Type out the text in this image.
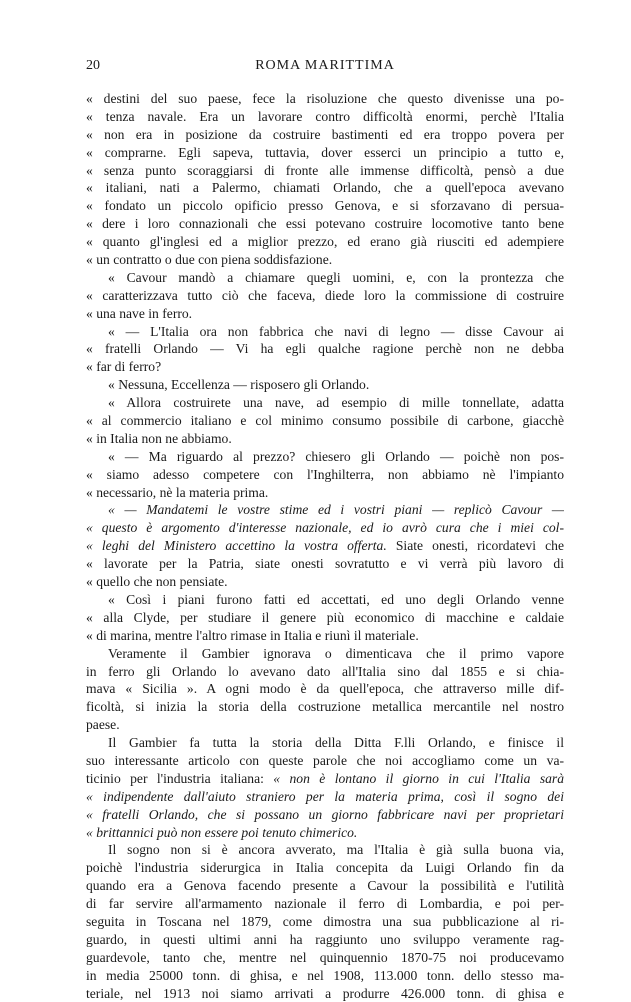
20	ROMA MARITTIMA
« destini del suo paese, fece la risoluzione che questo divenisse una po-
« tenza navale. Era un lavorare contro difficoltà enormi, perchè l'Italia
« non era in posizione da costruire bastimenti ed era troppo povera per
« comprarne. Egli sapeva, tuttavia, dover esserci un principio a tutto e,
« senza punto scoraggiarsi di fronte alle immense difficoltà, pensò a due
« italiani, nati a Palermo, chiamati Orlando, che a quell'epoca avevano
« fondato un piccolo opificio presso Genova, e si sforzavano di persua-
« dere i loro connazionali che essi potevano costruire locomotive tanto bene
« quanto gl'inglesi ed a miglior prezzo, ed erano già riusciti ed adempiere
« un contratto o due con piena soddisfazione.
« Cavour mandò a chiamare quegli uomini, e, con la prontezza che
« caratterizzava tutto ciò che faceva, diede loro la commissione di costruire
« una nave in ferro.
« — L'Italia ora non fabbrica che navi di legno — disse Cavour ai
« fratelli Orlando — Vi ha egli qualche ragione perchè non ne debba
« far di ferro?
« Nessuna, Eccellenza — risposero gli Orlando.
« Allora costruirete una nave, ad esempio di mille tonnellate, adatta
« al commercio italiano e col minimo consumo possibile di carbone, giacchè
« in Italia non ne abbiamo.
« — Ma riguardo al prezzo? chiesero gli Orlando — poichè non pos-
« siamo adesso competere con l'Inghilterra, non abbiamo nè l'impianto
« necessario, nè la materia prima.
« — Mandatemi le vostre stime ed i vostri piani — replicò Cavour —
« questo è argomento d'interesse nazionale, ed io avrò cura che i miei col-
« leghi del Ministero accettino la vostra offerta. Siate onesti, ricordatevi che
« lavorate per la Patria, siate onesti sovratutto e vi verrà più lavoro di
« quello che non pensiate.
« Così i piani furono fatti ed accettati, ed uno degli Orlando venne
« alla Clyde, per studiare il genere più economico di macchine e caldaie
« di marina, mentre l'altro rimase in Italia e riunì il materiale.
Veramente il Gambier ignorava o dimenticava che il primo vapore
in ferro gli Orlando lo avevano dato all'Italia sino dal 1855 e si chia-
mava « Sicilia ». A ogni modo è da quell'epoca, che attraverso mille dif-
ficoltà, si inizia la storia della costruzione metallica mercantile nel nostro
paese.
Il Gambier fa tutta la storia della Ditta F.lli Orlando, e finisce il
suo interessante articolo con queste parole che noi accogliamo come un va-
ticinio per l'industria italiana: « non è lontano il giorno in cui l'Italia sarà
« indipendente dall'aiuto straniero per la materia prima, così il sogno dei
« fratelli Orlando, che si possano un giorno fabbricare navi per proprietari
« brittannici può non essere poi tenuto chimerico.
Il sogno non si è ancora avverato, ma l'Italia è già sulla buona via,
poichè l'industria siderurgica in Italia concepita da Luigi Orlando fin da
quando era a Genova facendo presente a Cavour la possibilità e l'utilità
di far servire all'armamento nazionale il ferro di Lombardia, e poi per-
seguita in Toscana nel 1879, come dimostra una sua pubblicazione al ri-
guardo, in questi ultimi anni ha raggiunto uno sviluppo veramente rag-
guardevole, tanto che, mentre nel quinquennio 1870-75 noi producevamo
in media 25000 tonn. di ghisa, e nel 1908, 113.000 tonn. dello stesso ma-
teriale, nel 1913 noi siamo arrivati a produrre 426.000 tonn. di ghisa e
